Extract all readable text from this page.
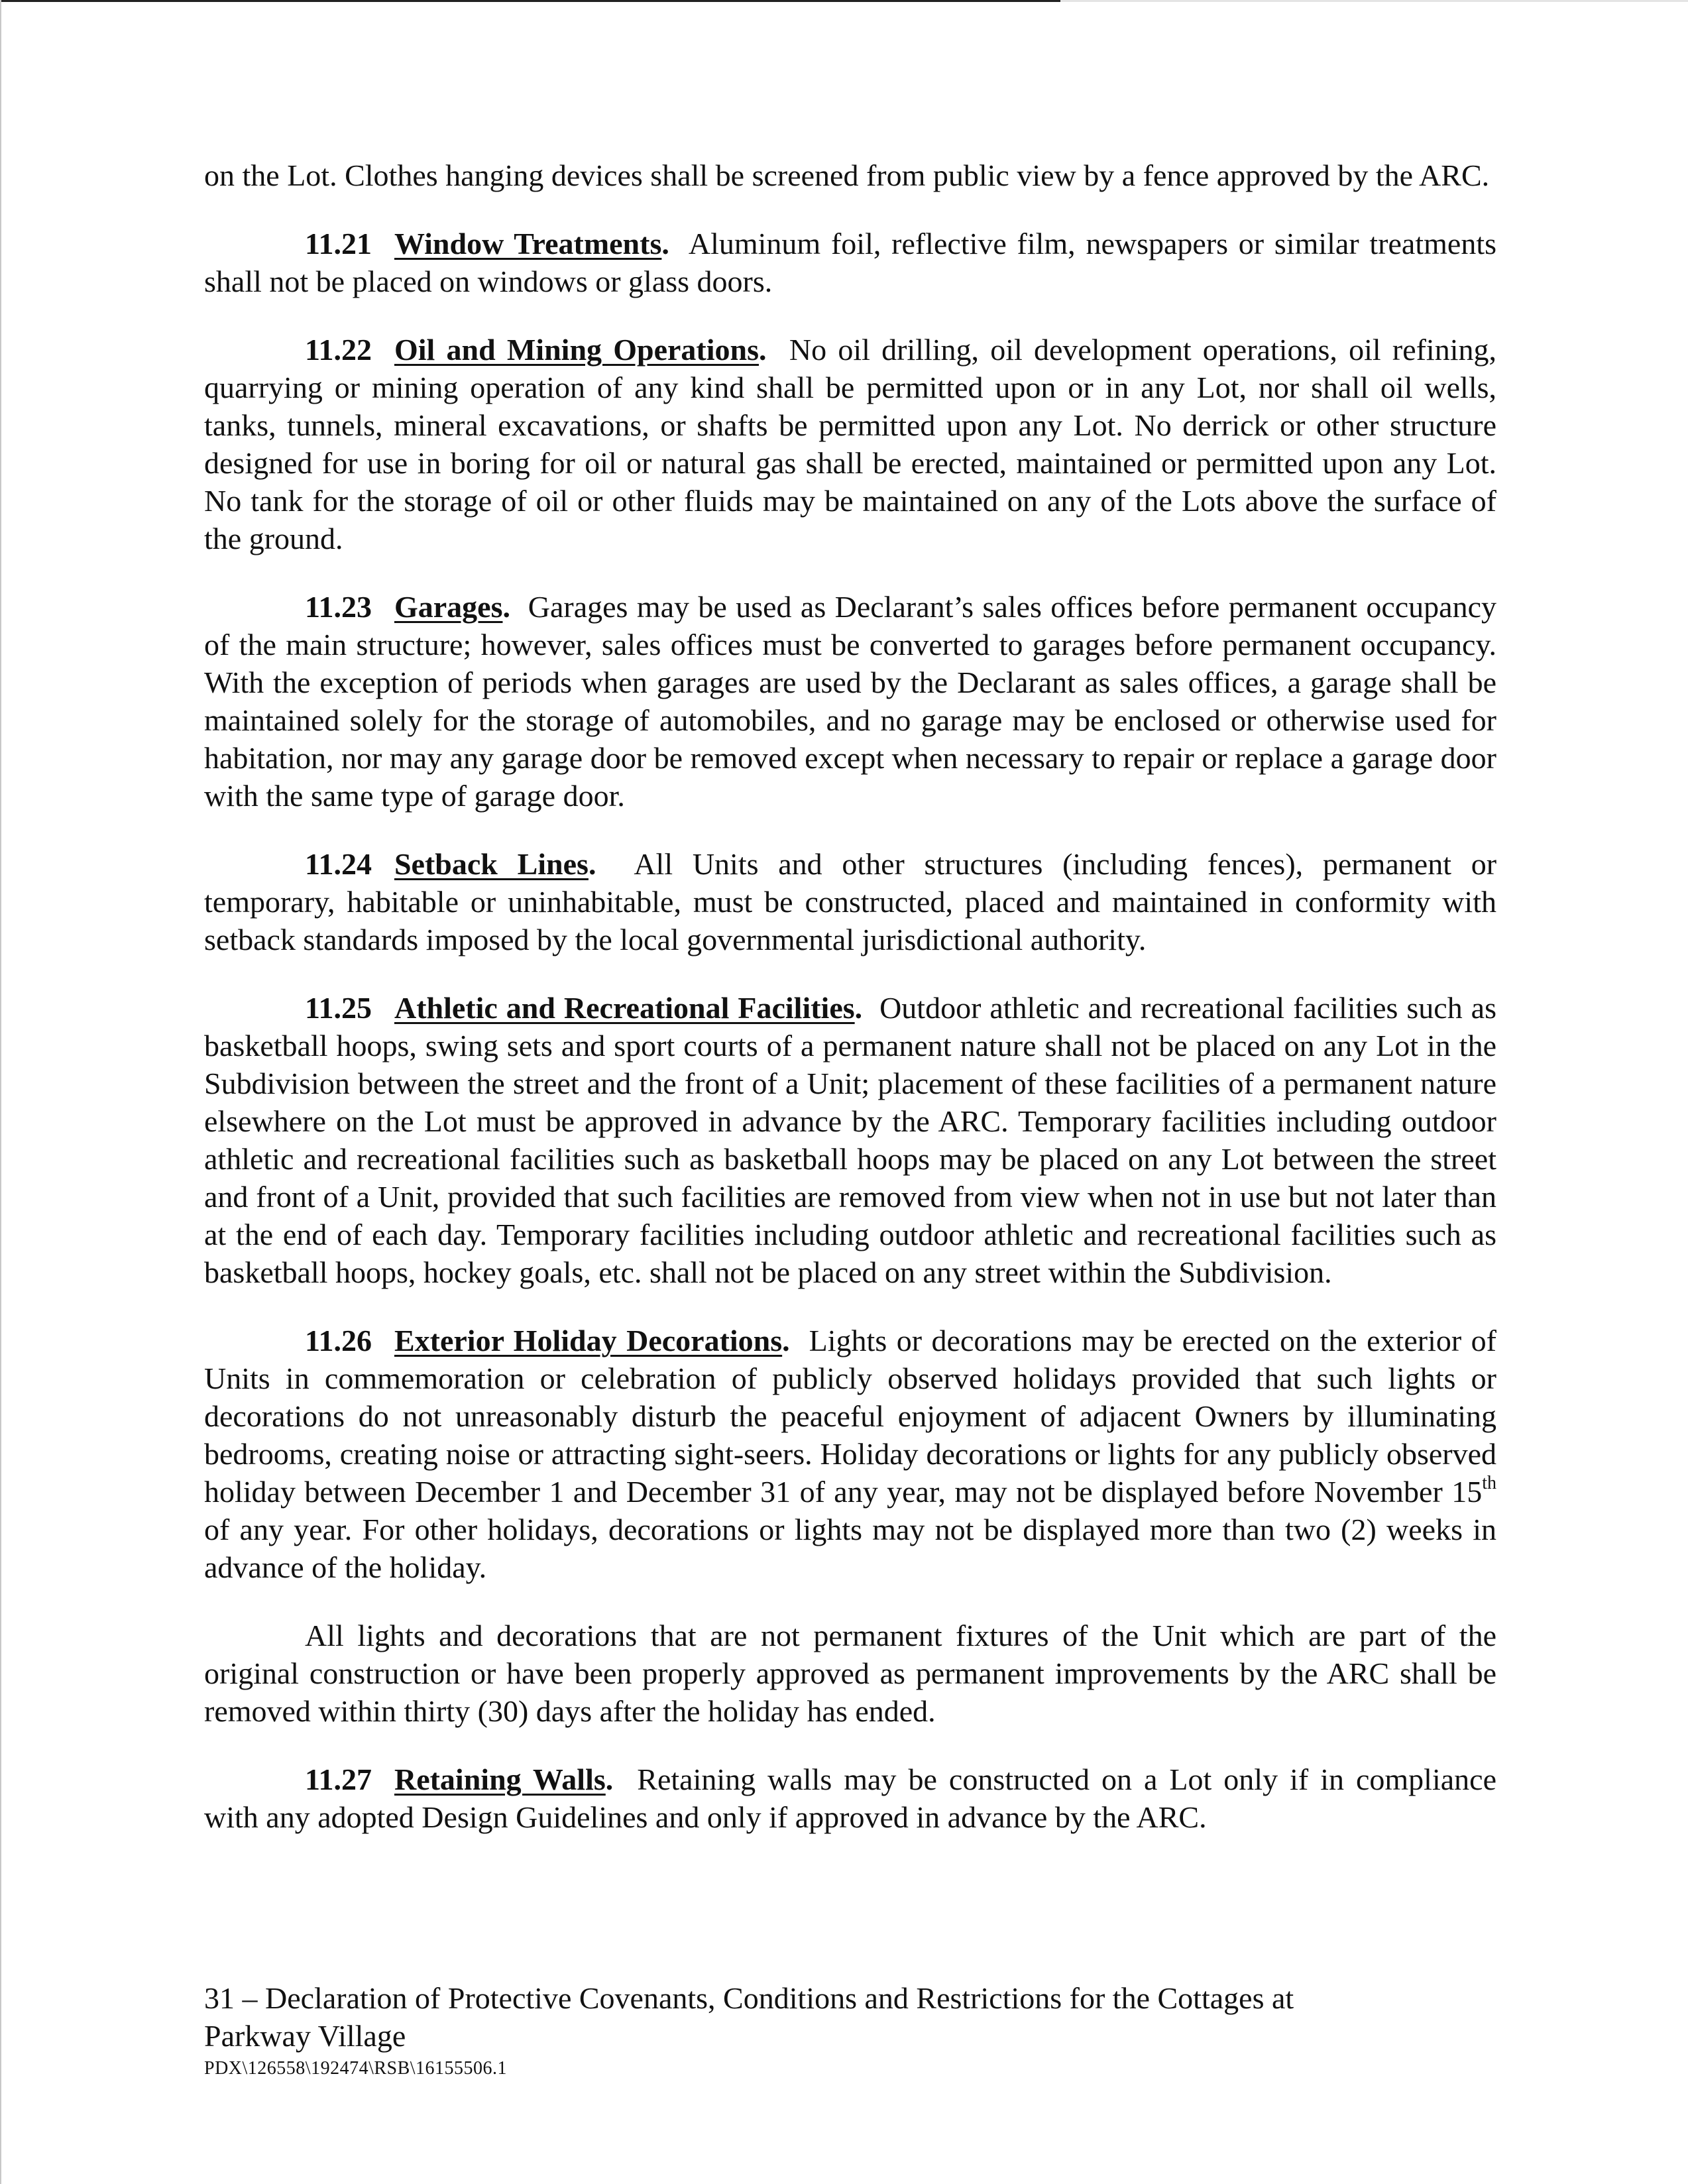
on the Lot. Clothes hanging devices shall be screened from public view by a fence approved by the ARC.

11.21 Window Treatments. Aluminum foil, reflective film, newspapers or similar treatments shall not be placed on windows or glass doors.

11.22 Oil and Mining Operations. No oil drilling, oil development operations, oil refining, quarrying or mining operation of any kind shall be permitted upon or in any Lot, nor shall oil wells, tanks, tunnels, mineral excavations, or shafts be permitted upon any Lot. No derrick or other structure designed for use in boring for oil or natural gas shall be erected, maintained or permitted upon any Lot. No tank for the storage of oil or other fluids may be maintained on any of the Lots above the surface of the ground.

11.23 Garages. Garages may be used as Declarant’s sales offices before permanent occupancy of the main structure; however, sales offices must be converted to garages before permanent occupancy. With the exception of periods when garages are used by the Declarant as sales offices, a garage shall be maintained solely for the storage of automobiles, and no garage may be enclosed or otherwise used for habitation, nor may any garage door be removed except when necessary to repair or replace a garage door with the same type of garage door.

11.24 Setback Lines. All Units and other structures (including fences), permanent or temporary, habitable or uninhabitable, must be constructed, placed and maintained in conformity with setback standards imposed by the local governmental jurisdictional authority.

11.25 Athletic and Recreational Facilities. Outdoor athletic and recreational facilities such as basketball hoops, swing sets and sport courts of a permanent nature shall not be placed on any Lot in the Subdivision between the street and the front of a Unit; placement of these facilities of a permanent nature elsewhere on the Lot must be approved in advance by the ARC. Temporary facilities including outdoor athletic and recreational facilities such as basketball hoops may be placed on any Lot between the street and front of a Unit, provided that such facilities are removed from view when not in use but not later than at the end of each day. Temporary facilities including outdoor athletic and recreational facilities such as basketball hoops, hockey goals, etc. shall not be placed on any street within the Subdivision.

11.26 Exterior Holiday Decorations. Lights or decorations may be erected on the exterior of Units in commemoration or celebration of publicly observed holidays provided that such lights or decorations do not unreasonably disturb the peaceful enjoyment of adjacent Owners by illuminating bedrooms, creating noise or attracting sight-seers. Holiday decorations or lights for any publicly observed holiday between December 1 and December 31 of any year, may not be displayed before November 15th of any year. For other holidays, decorations or lights may not be displayed more than two (2) weeks in advance of the holiday.

All lights and decorations that are not permanent fixtures of the Unit which are part of the original construction or have been properly approved as permanent improvements by the ARC shall be removed within thirty (30) days after the holiday has ended.

11.27 Retaining Walls. Retaining walls may be constructed on a Lot only if in compliance with any adopted Design Guidelines and only if approved in advance by the ARC.

31 – Declaration of Protective Covenants, Conditions and Restrictions for the Cottages at

Parkway Village

PDX\126558\192474\RSB\16155506.1
